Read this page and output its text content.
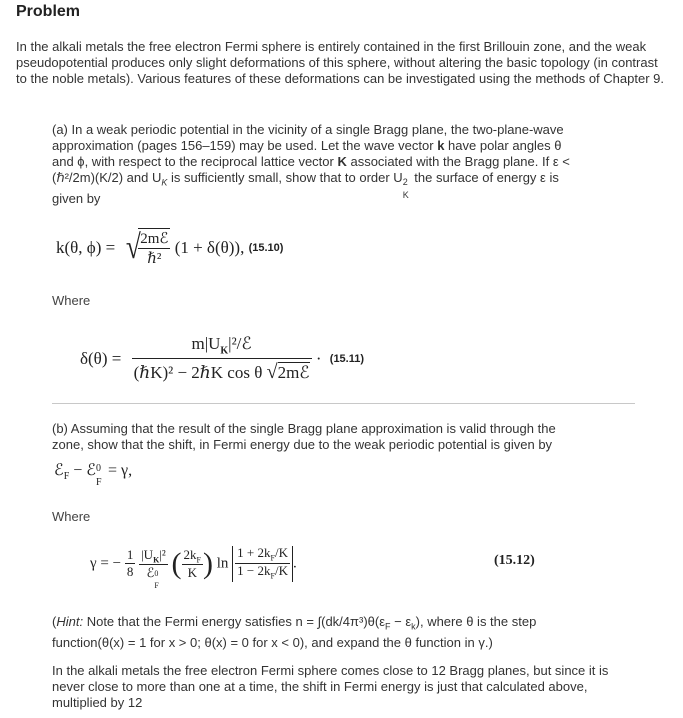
Problem
In the alkali metals the free electron Fermi sphere is entirely contained in the first Brillouin zone, and the weak pseudopotential produces only slight deformations of this sphere, without altering the basic topology (in contrast to the noble metals). Various features of these deformations can be investigated using the methods of Chapter 9.
(a) In a weak periodic potential in the vicinity of a single Bragg plane, the two-plane-wave
approximation (pages 156–159) may be used. Let the wave vector k have polar angles θ
and ϕ, with respect to the reciprocal lattice vector K associated with the Bragg plane. If ε <
(ℏ²/2m)(K/2) and $U_K$ is sufficiently small, show that to order U 2
K
the surface of energy ε is
given by
k(θ, ϕ) = √
$\frac{\text{2mℰ}}{\text{ℏ²}} (1 + \delta(\theta))$, (15.10)
Where
$\delta(\theta) = \frac{m|U_K|^2/ℰ}{\text{(ℏK)² − 2ℏK cos θ √2mℰ}} \cdot (15.11)$
(b) Assuming that the result of the single Bragg plane approximation is valid through the
zone, show that the shift, in Fermi energy due to the weak periodic potential is given by
ℰ$_F$ − ℰ 0
F
= γ,
Where
γ = − $\frac{1}{8}$
$|U_K|^2$
ℰ 0
F ( $\frac{2k_F}{K}$ ) $\ln \frac{1 + 2k_F/K}{1 - 2k_F/K}$ .	(15.12)
(Hint: Note that the Fermi energy satisfies $n = \int(dk/4\pi^3)\theta(\varepsilon_F - \varepsilon_k)$, where θ is the step
function(θ(x) = 1 for x > 0; θ(x) = 0 for x < 0), and expand the θ function in γ.)
In the alkali metals the free electron Fermi sphere comes close to 12 Bragg planes, but since it is never close to more than one at a time, the shift in Fermi energy is just that calculated above, multiplied by 12
